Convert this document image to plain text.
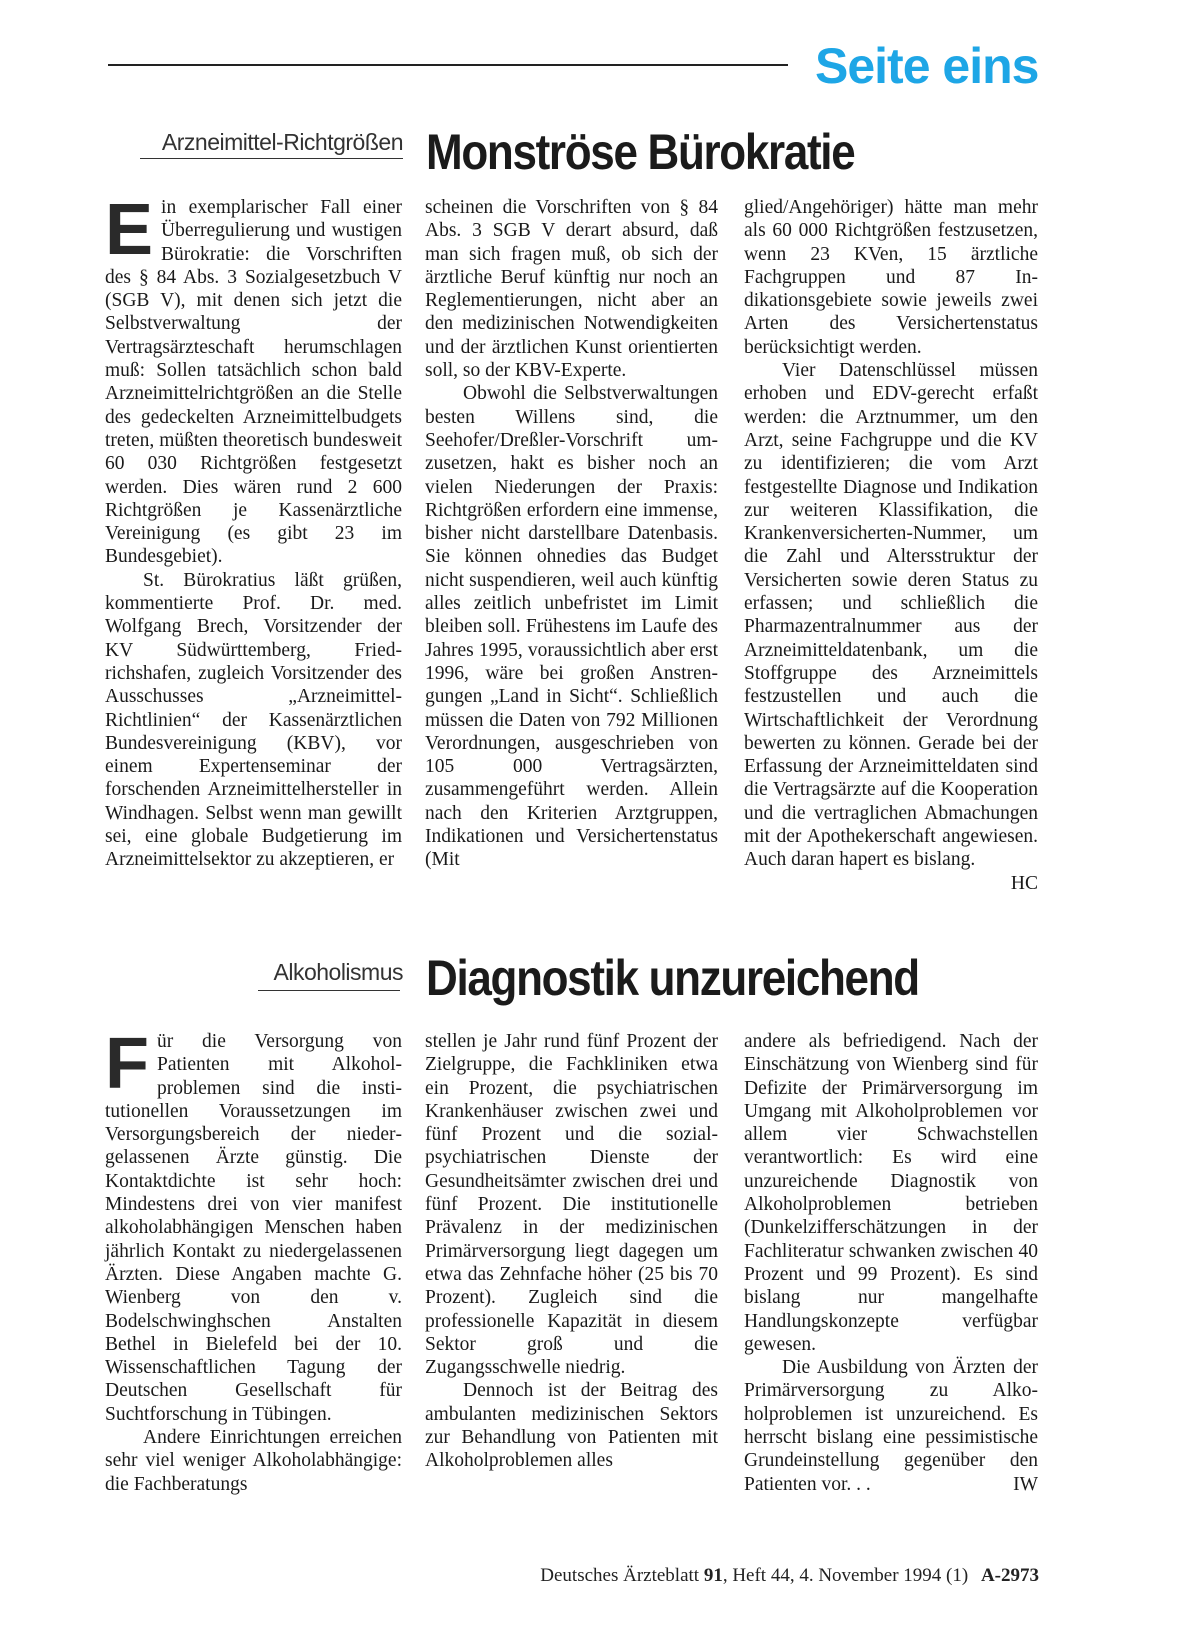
Seite eins
Arzneimittel-Richtgrößen Monströse Bürokratie
E in exemplarischer Fall einer Überregulierung und wustigen Bürokratie: die Vorschriften des § 84 Abs. 3 Sozialgesetzbuch V (SGB V), mit denen sich jetzt die Selbstverwaltung der Vertragsärzteschaft herumschlagen muß: Sollen tatsächlich schon bald Arzneimittelrichtgrößen an die Stelle des gedeckelten Arzneimittelbudgets treten, müßten theoretisch bundesweit 60 030 Richtgrößen festgesetzt werden. Dies wären rund 2 600 Richtgrößen je Kassenärztliche Vereinigung (es gibt 23 im Bundesgebiet).

St. Bürokratius läßt grüßen, kommentierte Prof. Dr. med. Wolfgang Brech, Vorsitzender der KV Südwürttemberg, Friedrichshafen, zugleich Vorsitzender des Ausschusses „Arzneimittel-Richtlinien“ der Kassenärztlichen Bundesvereinigung (KBV), vor einem Expertenseminar der forschenden Arzneimittelhersteller in Windhagen. Selbst wenn man gewillt sei, eine globale Budgetierung im Arzneimittelsektor zu akzeptieren, er

scheinen die Vorschriften von § 84 Abs. 3 SGB V derart absurd, daß man sich fragen muß, ob sich der ärztliche Beruf künftig nur noch an Reglementierungen, nicht aber an den medizinischen Notwendigkeiten und der ärztlichen Kunst orientierten soll, so der KBV-Experte.

Obwohl die Selbstverwaltungen besten Willens sind, die Seehofer/Dreßler-Vorschrift umzusetzen, hakt es bisher noch an vielen Niederungen der Praxis: Richtgrößen erfordern eine immense, bisher nicht darstellbare Datenbasis. Sie können ohnedies das Budget nicht suspendieren, weil auch künftig alles zeitlich unbefristet im Limit bleiben soll. Frühestens im Laufe des Jahres 1995, voraussichtlich aber erst 1996, wäre bei großen Anstrengungen „Land in Sicht“. Schließlich müssen die Daten von 792 Millionen Verordnungen, ausgeschrieben von 105 000 Vertragsärzten, zusammengeführt werden. Allein nach den Kriterien Arztgruppen, Indikationen und Versichertenstatus (Mit

glied/Angehöriger) hätte man mehr als 60 000 Richtgrößen festzusetzen, wenn 23 KVen, 15 ärztliche Fachgruppen und 87 Indikationsgebiete sowie jeweils zwei Arten des Versichertenstatus berücksichtigt werden.

Vier Datenschlüssel müssen erhoben und EDV-gerecht erfaßt werden: die Arztnummer, um den Arzt, seine Fachgruppe und die KV zu identifizieren; die vom Arzt festgestellte Diagnose und Indikation zur weiteren Klassifikation, die Krankenversicherten-Nummer, um die Zahl und Altersstruktur der Versicherten sowie deren Status zu erfassen; und schließlich die Pharmazentralnummer aus der Arzneimitteldatenbank, um die Stoffgruppe des Arzneimittels festzustellen und auch die Wirtschaftlichkeit der Verordnung bewerten zu können. Gerade bei der Erfassung der Arzneimitteldaten sind die Vertragsärzte auf die Kooperation und die vertraglichen Abmachungen mit der Apothekerschaft angewiesen. Auch daran hapert es bislang.
HC

Alkoholismus Diagnostik unzureichend
F ür die Versorgung von Patienten mit Alkoholproblemen sind die institutionellen Voraussetzungen im Versorgungsbereich der niedergelassenen Ärzte günstig. Die Kontaktdichte ist sehr hoch: Mindestens drei von vier manifest alkoholabhängigen Menschen haben jährlich Kontakt zu niedergelassenen Ärzten. Diese Angaben machte G. Wienberg von den v. Bodelschwinghschen Anstalten Bethel in Bielefeld bei der 10. Wissenschaftlichen Tagung der Deutschen Gesellschaft für Suchtforschung in Tübingen.

Andere Einrichtungen erreichen sehr viel weniger Alkoholabhängige: die Fachberatungs

stellen je Jahr rund fünf Prozent der Zielgruppe, die Fachkliniken etwa ein Prozent, die psychiatrischen Krankenhäuser zwischen zwei und fünf Prozent und die sozial-psychiatrischen Dienste der Gesundheitsämter zwischen drei und fünf Prozent. Die institutionelle Prävalenz in der medizinischen Primärversorgung liegt dagegen um etwa das Zehnfache höher (25 bis 70 Prozent). Zugleich sind die professionelle Kapazität in diesem Sektor groß und die Zugangsschwelle niedrig.

Dennoch ist der Beitrag des ambulanten medizinischen Sektors zur Behandlung von Patienten mit Alkoholproblemen alles

andere als befriedigend. Nach der Einschätzung von Wienberg sind für Defizite der Primärversorgung im Umgang mit Alkoholproblemen vor allem vier Schwachstellen verantwortlich: Es wird eine unzureichende Diagnostik von Alkoholproblemen betrieben (Dunkelzifferschätzungen in der Fachliteratur schwanken zwischen 40 Prozent und 99 Prozent). Es sind bislang nur mangelhafte Handlungskonzepte verfügbar gewesen.

Die Ausbildung von Ärzten der Primärversorgung zu Alkoholproblemen ist unzureichend. Es herrscht bislang eine pessimistische Grundeinstellung gegenüber den Patienten vor. . .	IW

Deutsches Ärzteblatt 91, Heft 44, 4. November 1994 (1) A-2973
